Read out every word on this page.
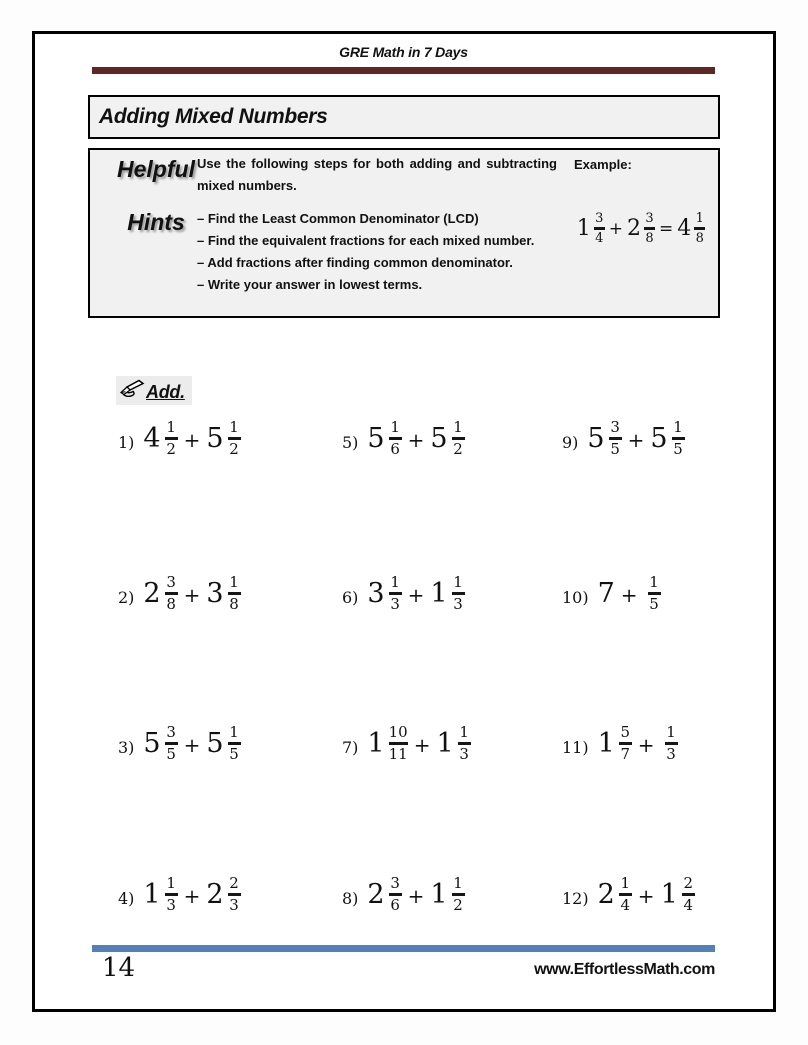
GRE Math in 7 Days
Adding Mixed Numbers
Helpful
Hints

Use the following steps for both adding and subtracting mixed numbers.

– Find the Least Common Denominator (LCD)
– Find the equivalent fractions for each mixed number.
– Add fractions after finding common denominator.
– Write your answer in lowest terms.
Example:
$1 \frac{3}{4} + 2 \frac{3}{8} = 4 \frac{1}{8}$
Add.
1) $4 \frac{1}{2} + 5 \frac{1}{2}$	5) $5 \frac{1}{6} + 5 \frac{1}{2}$	9) $5 \frac{3}{5} + 5 \frac{1}{5}$
2) $2 \frac{3}{8} + 3 \frac{1}{8}$	6) $3 \frac{1}{3} + 1 \frac{1}{3}$	10) $7 + \frac{1}{5}$
3) $5 \frac{3}{5} + 5 \frac{1}{5}$	7) $1 \frac{10}{11} + 1 \frac{1}{3}$	11) $1 \frac{5}{7} + \frac{1}{3}$
4) $1 \frac{1}{3} + 2 \frac{2}{3}$	8) $2 \frac{3}{6} + 1 \frac{1}{2}$	12) $2 \frac{1}{4} + 1 \frac{2}{4}$
14	www.EffortlessMath.com
